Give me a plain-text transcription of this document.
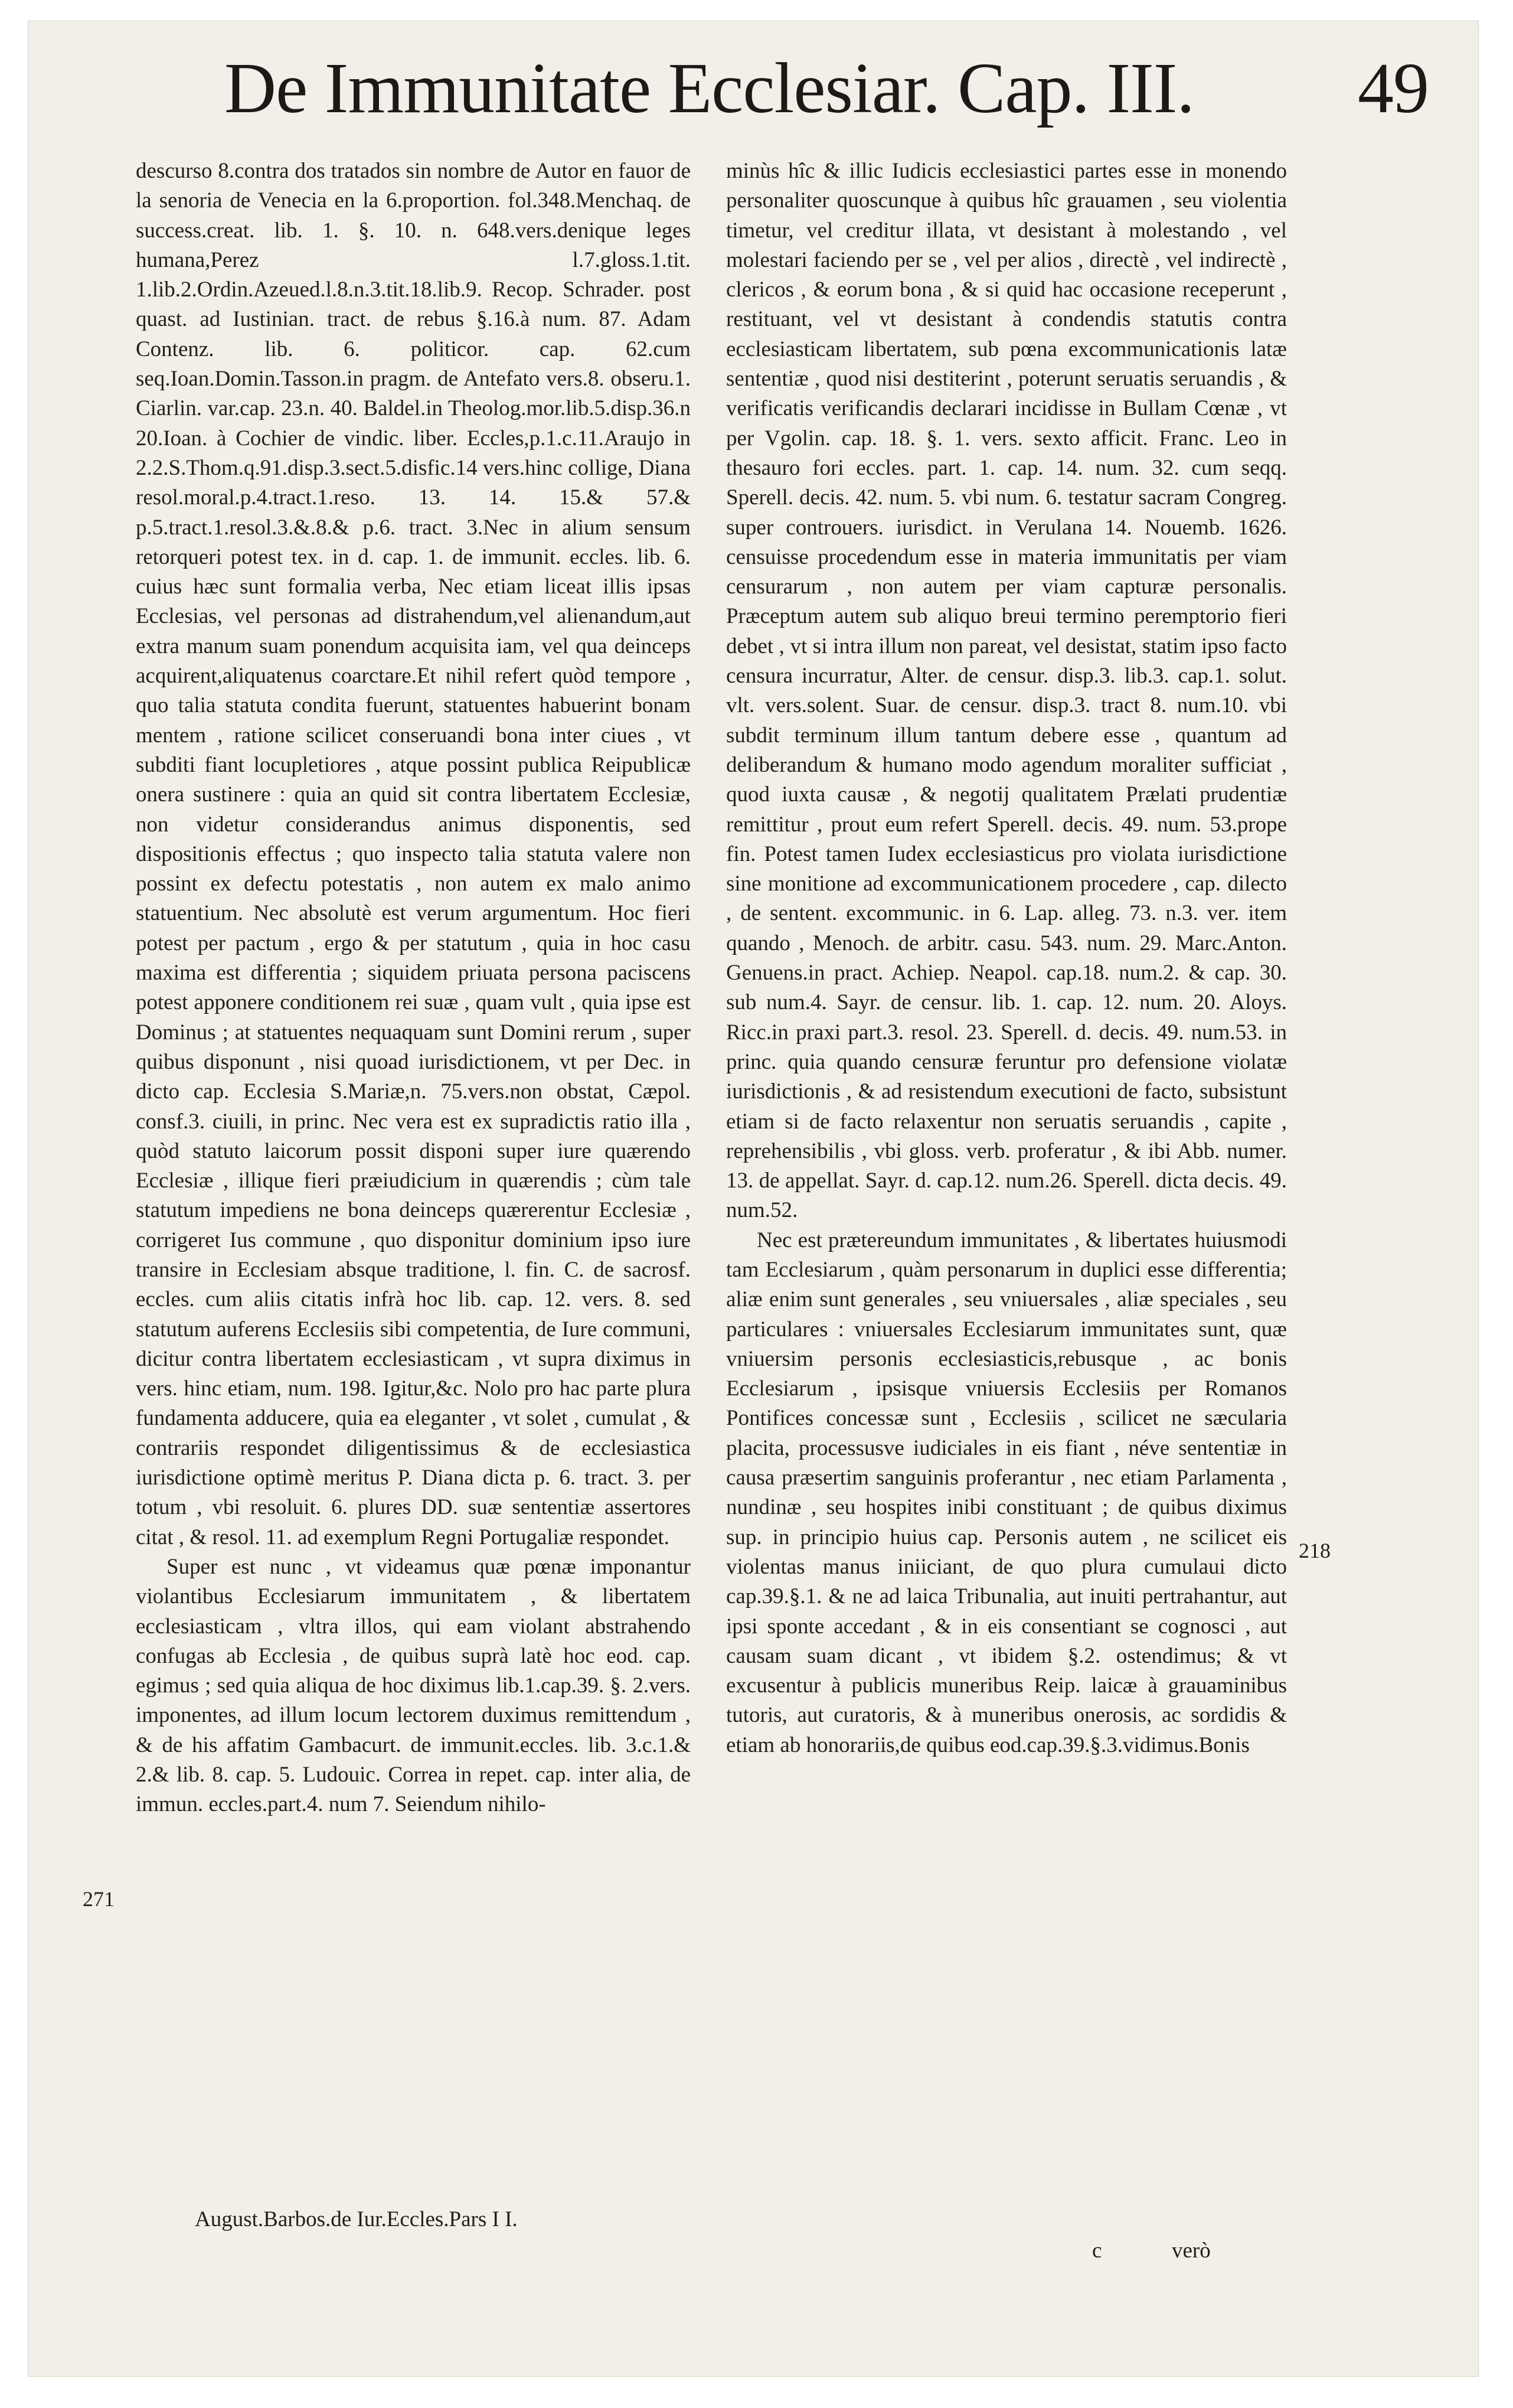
De Immunitate Ecclesiar. Cap. III. 49

descurso 8.contra dos tratados sin nombre de Autor en fauor de la senoria de Venecia en la 6.proportion. fol.348.Menchaq. de success.creat. lib. 1. §. 10. n. 648.vers.denique leges humana,Perez l.7.gloss.1.tit. 1.lib.2.Ordin.Azeued.l.8.n.3.tit.18.lib.9. Recop. Schrader. post quast. ad Iustinian. tract. de rebus §.16.à num. 87. Adam Contenz. lib. 6. politicor. cap. 62.cum seq.Ioan.Domin.Tasson.in pragm. de Antefato vers.8. obseru.1. Ciarlin. var.cap. 23.n. 40. Baldel.in Theolog.mor.lib.5.disp.36.n 20.Ioan. à Cochier de vindic. liber. Eccles,p.1.c.11.Araujo in 2.2.S.Thom.q.91.disp.3.sect.5.disfic.14 vers.hinc collige, Diana resol.moral.p.4.tract.1.reso. 13. 14. 15.& 57.& p.5.tract.1.resol.3.&.8.& p.6. tract. 3.Nec in alium sensum retorqueri potest tex. in d. cap. 1. de immunit. eccles. lib. 6. cuius hæc sunt formalia verba, Nec etiam liceat illis ipsas Ecclesias, vel personas ad distrahendum,vel alienandum,aut extra manum suam ponendum acquisita iam, vel qua deinceps acquirent,aliquatenus coarctare.Et nihil refert quòd tempore , quo talia statuta condita fuerunt, statuentes habuerint bonam mentem , ratione scilicet conseruandi bona inter ciues , vt subditi fiant locupletiores , atque possint publica Reipublicæ onera sustinere : quia an quid sit contra libertatem Ecclesiæ, non videtur considerandus animus disponentis, sed dispositionis effectus ; quo inspecto talia statuta valere non possint ex defectu potestatis , non autem ex malo animo statuentium. Nec absolutè est verum argumentum. Hoc fieri potest per pactum , ergo & per statutum , quia in hoc casu maxima est differentia ; siquidem priuata persona paciscens potest apponere conditionem rei suæ , quam vult , quia ipse est Dominus ; at statuentes nequaquam sunt Domini rerum , super quibus disponunt , nisi quoad iurisdictionem, vt per Dec. in dicto cap. Ecclesia S.Mariæ,n. 75.vers.non obstat, Cæpol. consf.3. ciuili, in princ. Nec vera est ex supradictis ratio illa , quòd statuto laicorum possit disponi super iure quærendo Ecclesiæ , illique fieri præiudicium in quærendis ; cùm tale statutum impediens ne bona deinceps quærerentur Ecclesiæ , corrigeret Ius commune , quo disponitur dominium ipso iure transire in Ecclesiam absque traditione, l. fin. C. de sacrosf. eccles. cum aliis citatis infrà hoc lib. cap. 12. vers. 8. sed statutum auferens Ecclesiis sibi competentia, de Iure communi, dicitur contra libertatem ecclesiasticam , vt supra diximus in vers. hinc etiam, num. 198. Igitur,&c. Nolo pro hac parte plura fundamenta adducere, quia ea eleganter , vt solet , cumulat , & contrariis respondet diligentissimus & de ecclesiastica iurisdictione optimè meritus P. Diana dicta p. 6. tract. 3. per totum , vbi resoluit. 6. plures DD. suæ sententiæ assertores citat , & resol. 11. ad exemplum Regni Portugaliæ respondet.

Super est nunc , vt videamus quæ pœnæ imponantur violantibus Ecclesiarum immunitatem , & libertatem ecclesiasticam , vltra illos, qui eam violant abstrahendo confugas ab Ecclesia , de quibus suprà latè hoc eod. cap. egimus ; sed quia aliqua de hoc diximus lib.1.cap.39. §. 2.vers. imponentes, ad illum locum lectorem duximus remittendum , & de his affatim Gambacurt. de immunit.eccles. lib. 3.c.1.& 2.& lib. 8. cap. 5. Ludouic. Correa in repet. cap. inter alia, de immun. eccles.part.4. num 7. Seiendum nihilo-

minùs hîc & illic Iudicis ecclesiastici partes esse in monendo personaliter quoscunque à quibus hîc grauamen , seu violentia timetur, vel creditur illata, vt desistant à molestando , vel molestari faciendo per se , vel per alios , directè , vel indirectè , clericos , & eorum bona , & si quid hac occasione receperunt , restituant, vel vt desistant à condendis statutis contra ecclesiasticam libertatem, sub pœna excommunicationis latæ sententiæ , quod nisi destiterint , poterunt seruatis seruandis , & verificatis verificandis declarari incidisse in Bullam Cœnæ , vt per Vgolin. cap. 18. §. 1. vers. sexto afficit. Franc. Leo in thesauro fori eccles. part. 1. cap. 14. num. 32. cum seqq. Sperell. decis. 42. num. 5. vbi num. 6. testatur sacram Congreg. super controuers. iurisdict. in Verulana 14. Nouemb. 1626. censuisse procedendum esse in materia immunitatis per viam censurarum , non autem per viam capturæ personalis. Præceptum autem sub aliquo breui termino peremptorio fieri debet , vt si intra illum non pareat, vel desistat, statim ipso facto censura incurratur, Alter. de censur. disp.3. lib.3. cap.1. solut. vlt. vers.solent. Suar. de censur. disp.3. tract 8. num.10. vbi subdit terminum illum tantum debere esse , quantum ad deliberandum & humano modo agendum moraliter sufficiat , quod iuxta causæ , & negotij qualitatem Prælati prudentiæ remittitur , prout eum refert Sperell. decis. 49. num. 53.prope fin. Potest tamen Iudex ecclesiasticus pro violata iurisdictione sine monitione ad excommunicationem procedere , cap. dilecto , de sentent. excommunic. in 6. Lap. alleg. 73. n.3. ver. item quando , Menoch. de arbitr. casu. 543. num. 29. Marc.Anton. Genuens.in pract. Achiep. Neapol. cap.18. num.2. & cap. 30. sub num.4. Sayr. de censur. lib. 1. cap. 12. num. 20. Aloys. Ricc.in praxi part.3. resol. 23. Sperell. d. decis. 49. num.53. in princ. quia quando censuræ feruntur pro defensione violatæ iurisdictionis , & ad resistendum executioni de facto, subsistunt etiam si de facto relaxentur non seruatis seruandis , capite , reprehensibilis , vbi gloss. verb. proferatur , & ibi Abb. numer. 13. de appellat. Sayr. d. cap.12. num.26. Sperell. dicta decis. 49. num.52.

Nec est prætereundum immunitates , & libertates huiusmodi tam Ecclesiarum , quàm personarum in duplici esse differentia; aliæ enim sunt generales , seu vniuersales , aliæ speciales , seu particulares : vniuersales Ecclesiarum immunitates sunt, quæ vniuersim personis ecclesiasticis,rebusque , ac bonis Ecclesiarum , ipsisque vniuersis Ecclesiis per Romanos Pontifices concessæ sunt , Ecclesiis , scilicet ne sæcularia placita, processusve iudiciales in eis fiant , néve sententiæ in causa præsertim sanguinis proferantur , nec etiam Parlamenta , nundinæ , seu hospites inibi constituant ; de quibus diximus sup. in principio huius cap. Personis autem , ne scilicet eis violentas manus iniiciant, de quo plura cumulaui dicto cap.39.§.1. & ne ad laica Tribunalia, aut inuiti pertrahantur, aut ipsi sponte accedant , & in eis consentiant se cognosci , aut causam suam dicant , vt ibidem §.2. ostendimus; & vt excusentur à publicis muneribus Reip. laicæ à grauaminibus tutoris, aut curatoris, & à muneribus onerosis, ac sordidis & etiam ab honorariis,de quibus eod.cap.39.§.3.vidimus.Bonis

271
218
August.Barbos.de Iur.Eccles.Pars I I.
c	verò
